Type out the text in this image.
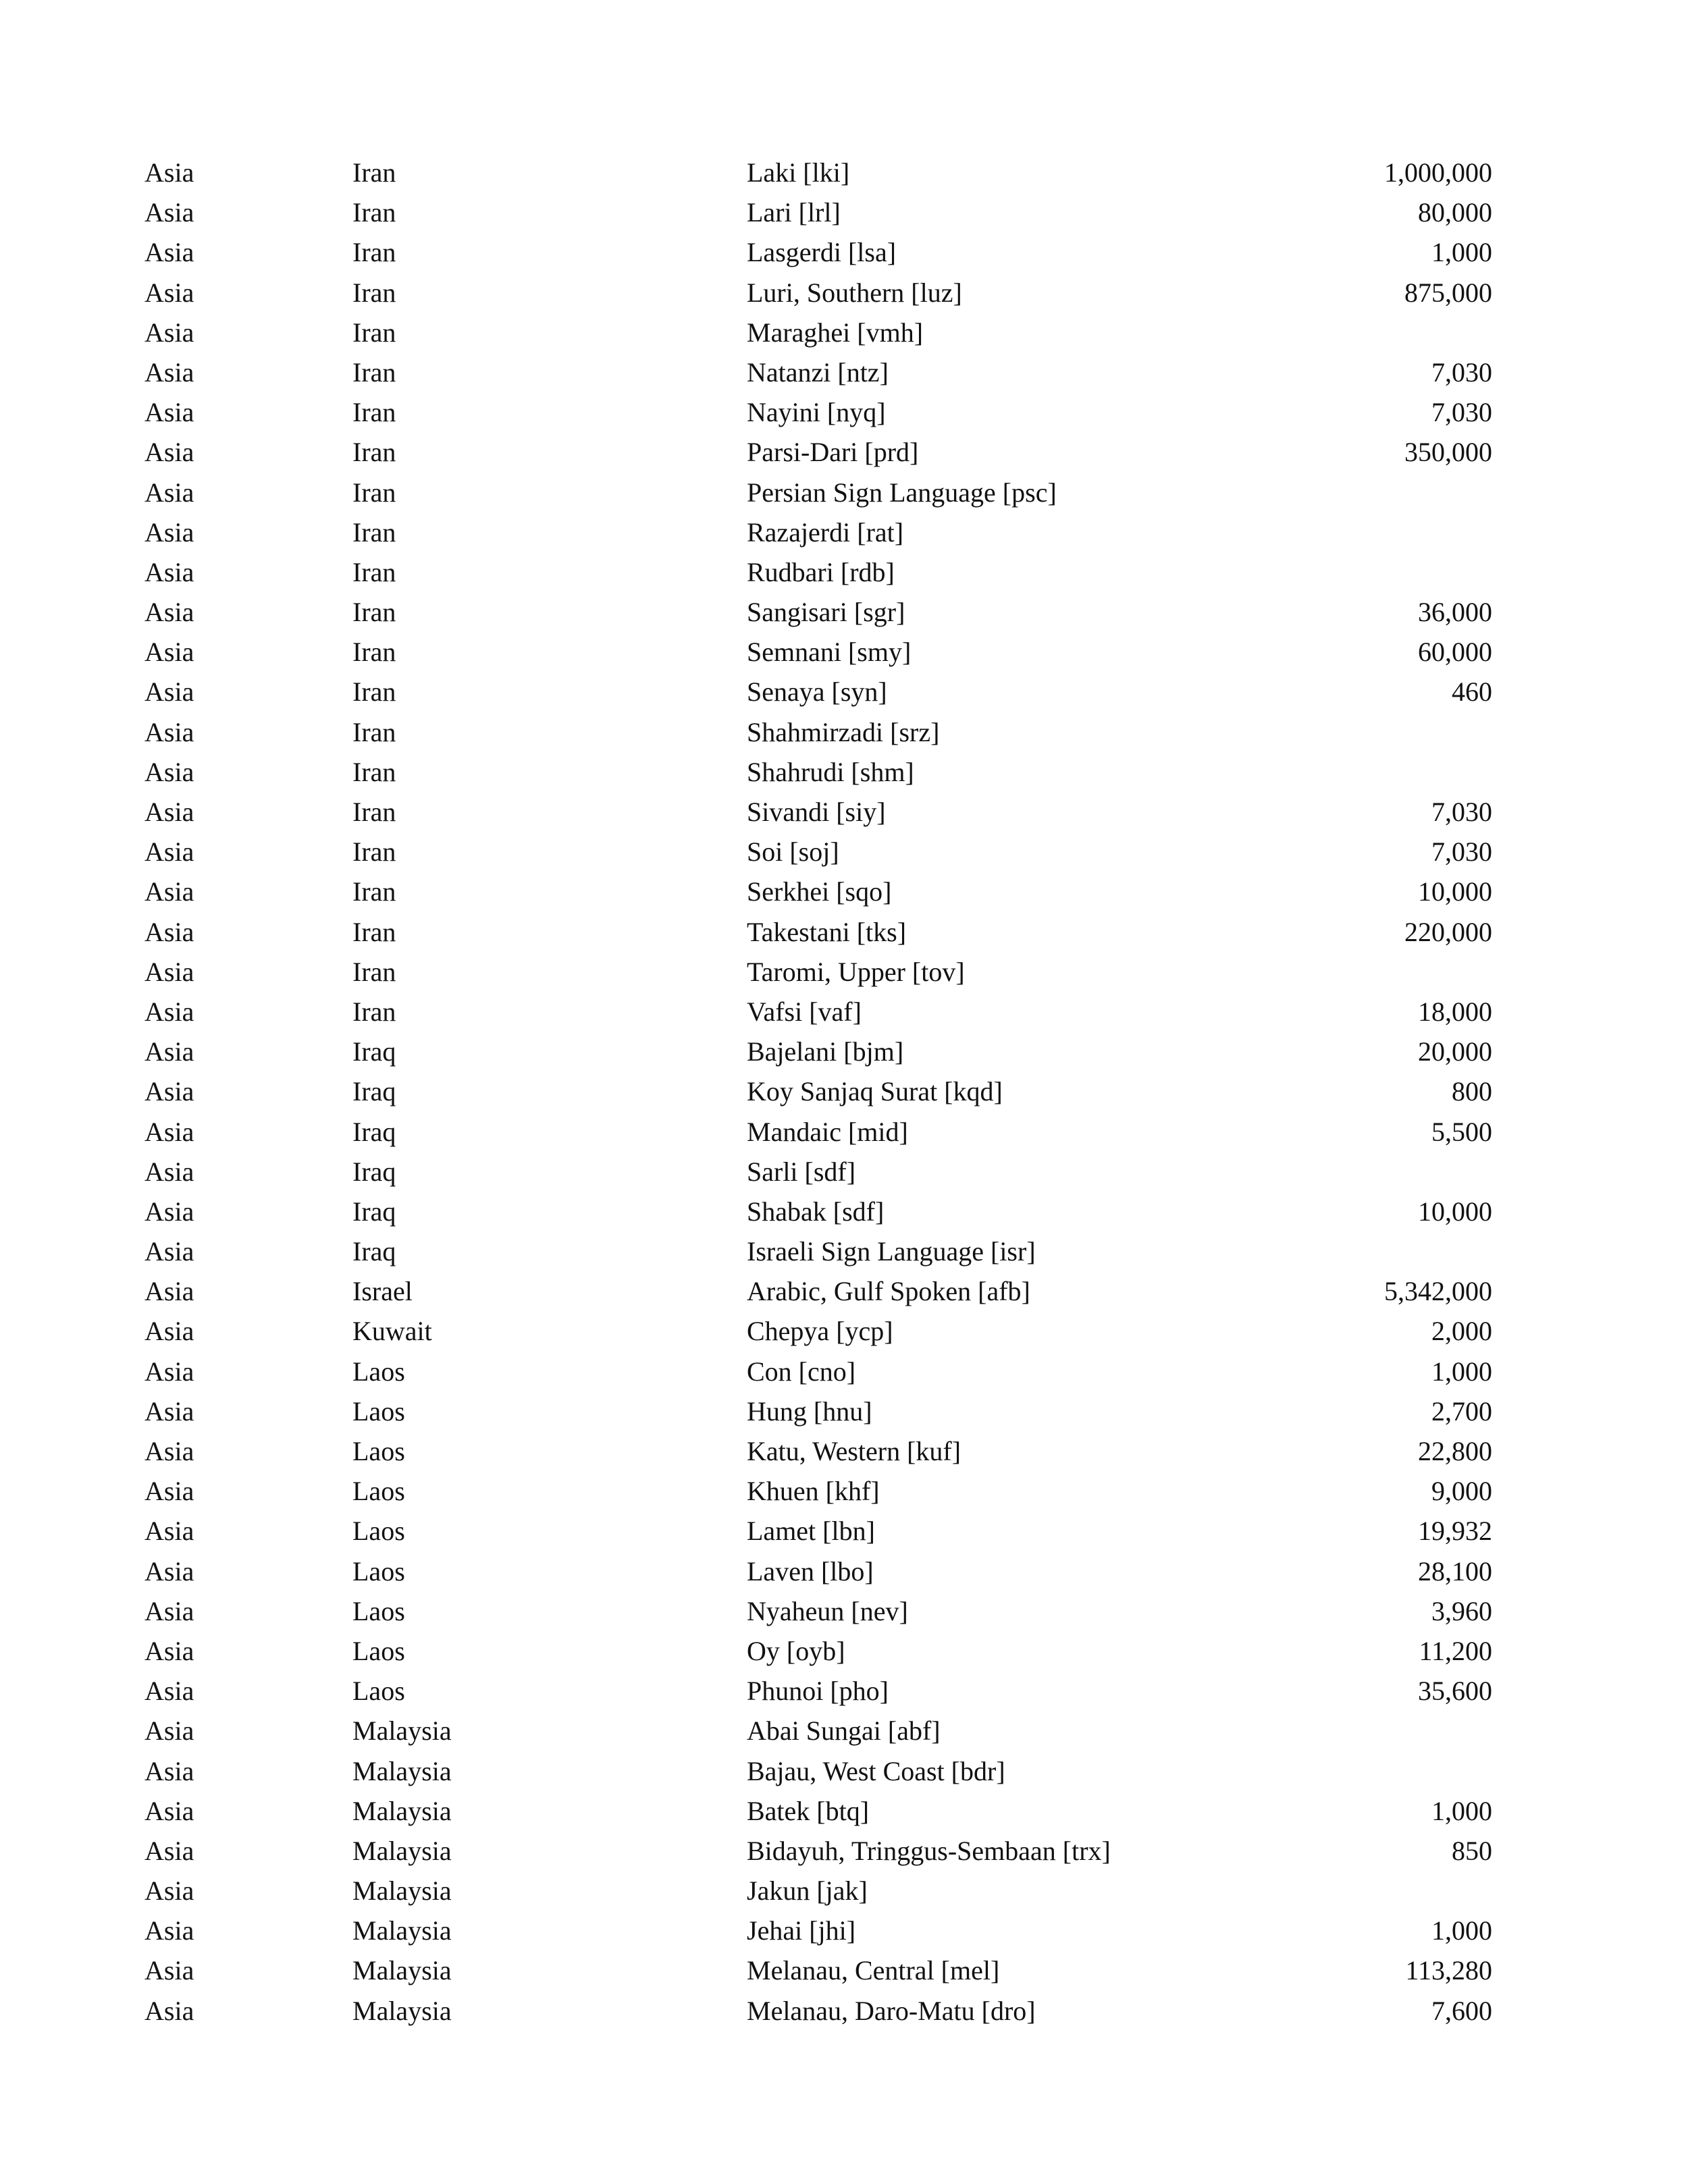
Asia	Iran	Laki [lki]	1,000,000
Asia	Iran	Lari [lrl]	80,000
Asia	Iran	Lasgerdi [lsa]	1,000
Asia	Iran	Luri, Southern [luz]	875,000
Asia	Iran	Maraghei [vmh]
Asia	Iran	Natanzi [ntz]	7,030
Asia	Iran	Nayini [nyq]	7,030
Asia	Iran	Parsi-Dari [prd]	350,000
Asia	Iran	Persian Sign Language [psc]
Asia	Iran	Razajerdi [rat]
Asia	Iran	Rudbari [rdb]
Asia	Iran	Sangisari [sgr]	36,000
Asia	Iran	Semnani [smy]	60,000
Asia	Iran	Senaya [syn]	460
Asia	Iran	Shahmirzadi [srz]
Asia	Iran	Shahrudi [shm]
Asia	Iran	Sivandi [siy]	7,030
Asia	Iran	Soi [soj]	7,030
Asia	Iran	Serkhei [sqo]	10,000
Asia	Iran	Takestani [tks]	220,000
Asia	Iran	Taromi, Upper [tov]
Asia	Iran	Vafsi [vaf]	18,000
Asia	Iraq	Bajelani [bjm]	20,000
Asia	Iraq	Koy Sanjaq Surat [kqd]	800
Asia	Iraq	Mandaic [mid]	5,500
Asia	Iraq	Sarli [sdf]
Asia	Iraq	Shabak [sdf]	10,000
Asia	Iraq	Israeli Sign Language [isr]
Asia	Israel	Arabic, Gulf Spoken [afb]	5,342,000
Asia	Kuwait	Chepya [ycp]	2,000
Asia	Laos	Con [cno]	1,000
Asia	Laos	Hung [hnu]	2,700
Asia	Laos	Katu, Western [kuf]	22,800
Asia	Laos	Khuen [khf]	9,000
Asia	Laos	Lamet [lbn]	19,932
Asia	Laos	Laven [lbo]	28,100
Asia	Laos	Nyaheun [nev]	3,960
Asia	Laos	Oy [oyb]	11,200
Asia	Laos	Phunoi [pho]	35,600
Asia	Malaysia	Abai Sungai [abf]
Asia	Malaysia	Bajau, West Coast [bdr]
Asia	Malaysia	Batek [btq]	1,000
Asia	Malaysia	Bidayuh, Tringgus-Sembaan [trx]	850
Asia	Malaysia	Jakun [jak]
Asia	Malaysia	Jehai [jhi]	1,000
Asia	Malaysia	Melanau, Central [mel]	113,280
Asia	Malaysia	Melanau, Daro-Matu [dro]	7,600
